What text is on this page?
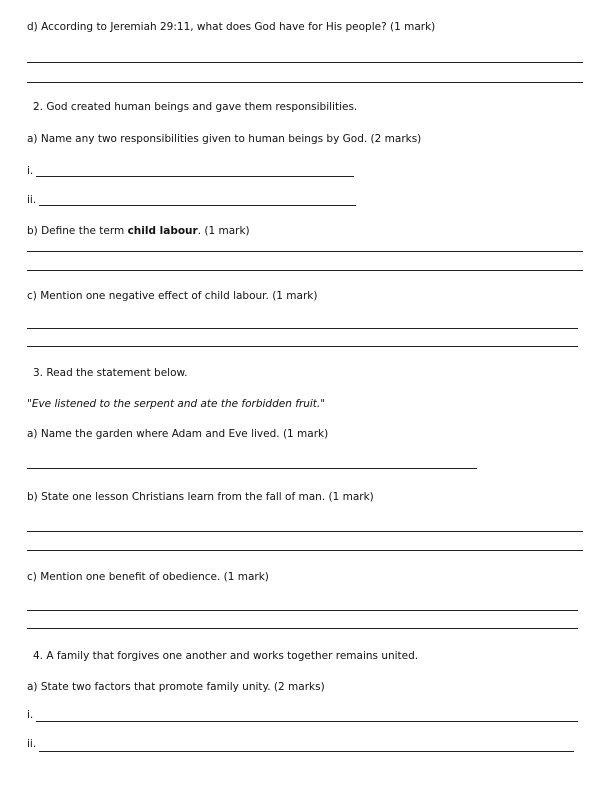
d) According to Jeremiah 29:11, what does God have for His people? (1 mark)
2. God created human beings and gave them responsibilities.
a) Name any two responsibilities given to human beings by God. (2 marks)
i.
ii.
b) Define the term child labour. (1 mark)
c) Mention one negative effect of child labour. (1 mark)
3. Read the statement below.
"Eve listened to the serpent and ate the forbidden fruit."
a) Name the garden where Adam and Eve lived. (1 mark)
b) State one lesson Christians learn from the fall of man. (1 mark)
c) Mention one benefit of obedience. (1 mark)
4. A family that forgives one another and works together remains united.
a) State two factors that promote family unity. (2 marks)
i.
ii.
